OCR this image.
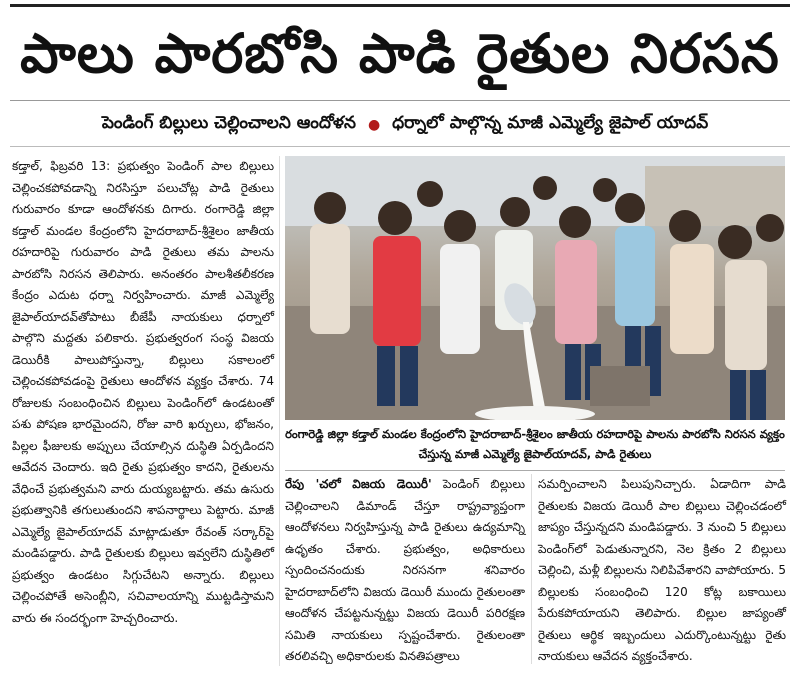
పాలు పారబోసి పాడి రైతుల నిరసన
పెండింగ్ బిల్లులు చెల్లించాలని ఆందోళన ● ధర్నాలో పాల్గొన్న మాజీ ఎమ్మెల్యే జైపాల్ యాదవ్

కడ్తాల్, ఫిబ్రవరి 13: ప్రభుత్వం పెండింగ్ పాల బిల్లులు చెల్లించకపోవడాన్ని నిరసిస్తూ పలుచోట్ల పాడి రైతులు గురువారం కూడా ఆందోళనకు దిగారు. రంగారెడ్డి జిల్లా కడ్తాల్ మండల కేంద్రంలోని హైదరాబాద్-శ్రీశైలం జాతీయ రహదారిపై గురువారం పాడి రైతులు తమ పాలను పారబోసి నిరసన తెలిపారు. అనంతరం పాలశీతలీకరణ కేంద్రం ఎదుట ధర్నా నిర్వహించారు. మాజీ ఎమ్మెల్యే జైపాల్‌యాదవ్‌తోపాటు బీజేపీ నాయకులు ధర్నాలో పాల్గొని మద్దతు పలికారు. ప్రభుత్వరంగ సంస్థ విజయ డెయిరీకి పాలుపోస్తున్నా, బిల్లులు సకాలంలో చెల్లించకపోవడంపై రైతులు ఆందోళన వ్యక్తం చేశారు. 74 రోజులకు సంబంధించిన బిల్లులు పెండింగ్‌లో ఉండటంతో పశు పోషణ భారమైందని, రోజు వారి ఖర్చులు, భోజనం, పిల్లల ఫీజులకు అప్పులు చేయాల్సిన దుస్థితి ఏర్పడిందని ఆవేదన చెందారు. ఇది రైతు ప్రభుత్వం కాదని, రైతులను వేధించే ప్రభుత్వమని వారు దుయ్యబట్టారు. తమ ఉసురు ప్రభుత్వానికి తగులుతుందని శాపనార్థాలు పెట్టారు. మాజీ ఎమ్మెల్యే జైపాల్‌యాదవ్ మాట్లాడుతూ రేవంత్ సర్కార్‌పై మండిపడ్డారు. పాడి రైతులకు బిల్లులు ఇవ్వలేని దుస్థితిలో ప్రభుత్వం ఉండటం సిగ్గుచేటని అన్నారు. బిల్లులు చెల్లించపోతే అసెంబ్లీని, సచివాలయాన్ని ముట్టడిస్తామని వారు ఈ సందర్భంగా హెచ్చరించారు.

రంగారెడ్డి జిల్లా కడ్తాల్ మండల కేంద్రంలోని హైదరాబాద్-శ్రీశైలం జాతీయ రహదారిపై పాలను పారబోసి నిరసన వ్యక్తం చేస్తున్న మాజీ ఎమ్మెల్యే జైపాల్‌యాదవ్, పాడి రైతులు

రేపు 'చలో విజయ డెయిరీ' పెండింగ్ బిల్లులు చెల్లించాలని డిమాండ్ చేస్తూ రాష్ట్రవ్యాప్తంగా ఆందోళనలు నిర్వహిస్తున్న పాడి రైతులు ఉద్యమాన్ని ఉధృతం చేశారు. ప్రభుత్వం, అధికారులు స్పందించనందుకు నిరసనగా శనివారం హైదరాబాద్‌లోని విజయ డెయిరీ ముందు రైతులంతా ఆందోళన చేపట్టనున్నట్టు విజయ డెయిరీ పరిరక్షణ సమితి నాయకులు స్పష్టంచేశారు. రైతులంతా తరలివచ్చి అధికారులకు వినతిపత్రాలు

సమర్పించాలని పిలుపునిచ్చారు. ఏడాదిగా పాడి రైతులకు విజయ డెయిరీ పాల బిల్లులు చెల్లించడంలో జాప్యం చేస్తున్నదని మండిపడ్డారు. 3 నుంచి 5 బిల్లులు పెండింగ్‌లో పెడుతున్నారని, నెల క్రితం 2 బిల్లులు చెల్లించి, మళ్లీ బిల్లులను నిలిపివేశారని వాపోయారు. 5 బిల్లులకు సంబంధించి 120 కోట్ల బకాయిలు పేరుకపోయాయని తెలిపారు. బిల్లుల జాప్యంతో రైతులు ఆర్థిక ఇబ్బందులు ఎదుర్కొంటున్నట్టు రైతు నాయకులు ఆవేదన వ్యక్తంచేశారు.
